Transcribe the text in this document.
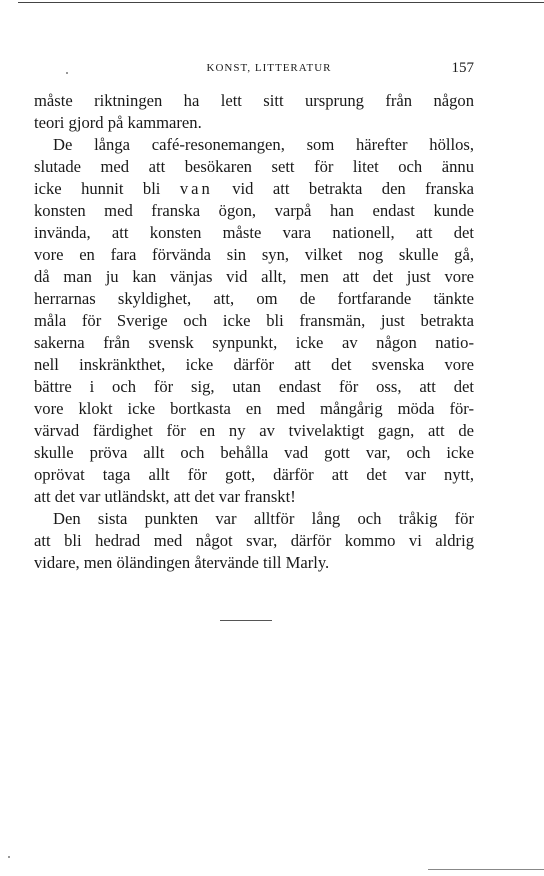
KONST, LITTERATUR	157
måste riktningen ha lett sitt ursprung från någon
teori gjord på kammaren.
De långa café-resonemangen, som härefter höllos,
slutade med att besökaren sett för litet och ännu
icke hunnit bli van vid att betrakta den franska
konsten med franska ögon, varpå han endast kunde
invända, att konsten måste vara nationell, att det
vore en fara förvända sin syn, vilket nog skulle gå,
då man ju kan vänjas vid allt, men att det just vore
herrarnas skyldighet, att, om de fortfarande tänkte
måla för Sverige och icke bli fransmän, just betrakta
sakerna från svensk synpunkt, icke av någon natio-
nell inskränkthet, icke därför att det svenska vore
bättre i och för sig, utan endast för oss, att det
vore klokt icke bortkasta en med mångårig möda för-
värvad färdighet för en ny av tvivelaktigt gagn, att de
skulle pröva allt och behålla vad gott var, och icke
oprövat taga allt för gott, därför att det var nytt,
att det var utländskt, att det var franskt!
Den sista punkten var alltför lång och tråkig för
att bli hedrad med något svar, därför kommo vi aldrig
vidare, men öländingen återvände till Marly.
